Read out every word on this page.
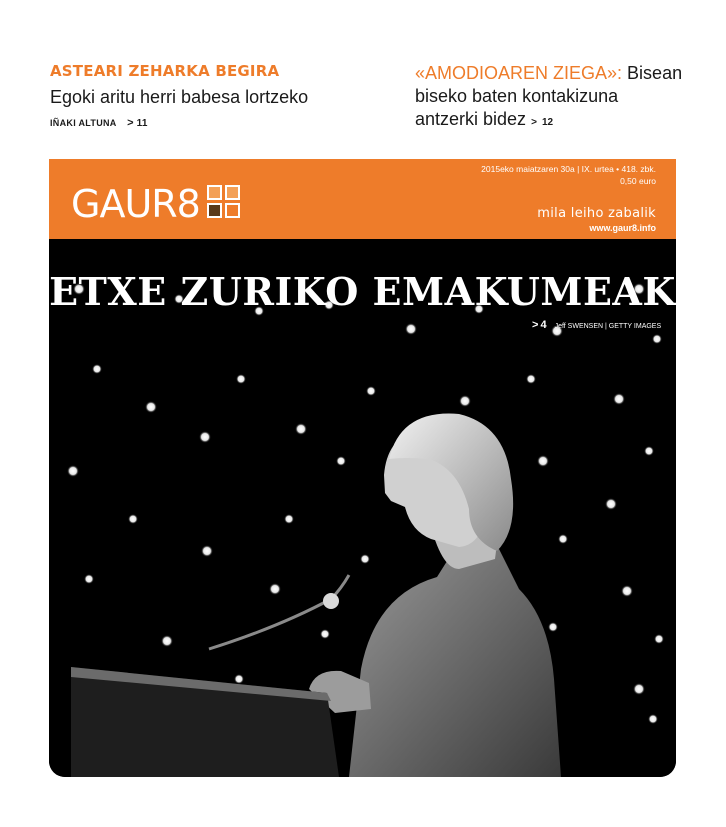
ASTEARI ZEHARKA BEGIRA
Egoki aritu herri babesa lortzeko
IÑAKI ALTUNA > 11
«AMODIOAREN ZIEGA»: Bisean
biseko baten kontakizuna
antzerki bidez > 12
GAUR8
2015eko maiatzaren 30a | IX. urtea • 418. zbk.
0,50 euro
mila leiho zabalik
www.gaur8.info
ETXE ZURIKO EMAKUMEAK
> 4 Jeff SWENSEN | GETTY IMAGES
